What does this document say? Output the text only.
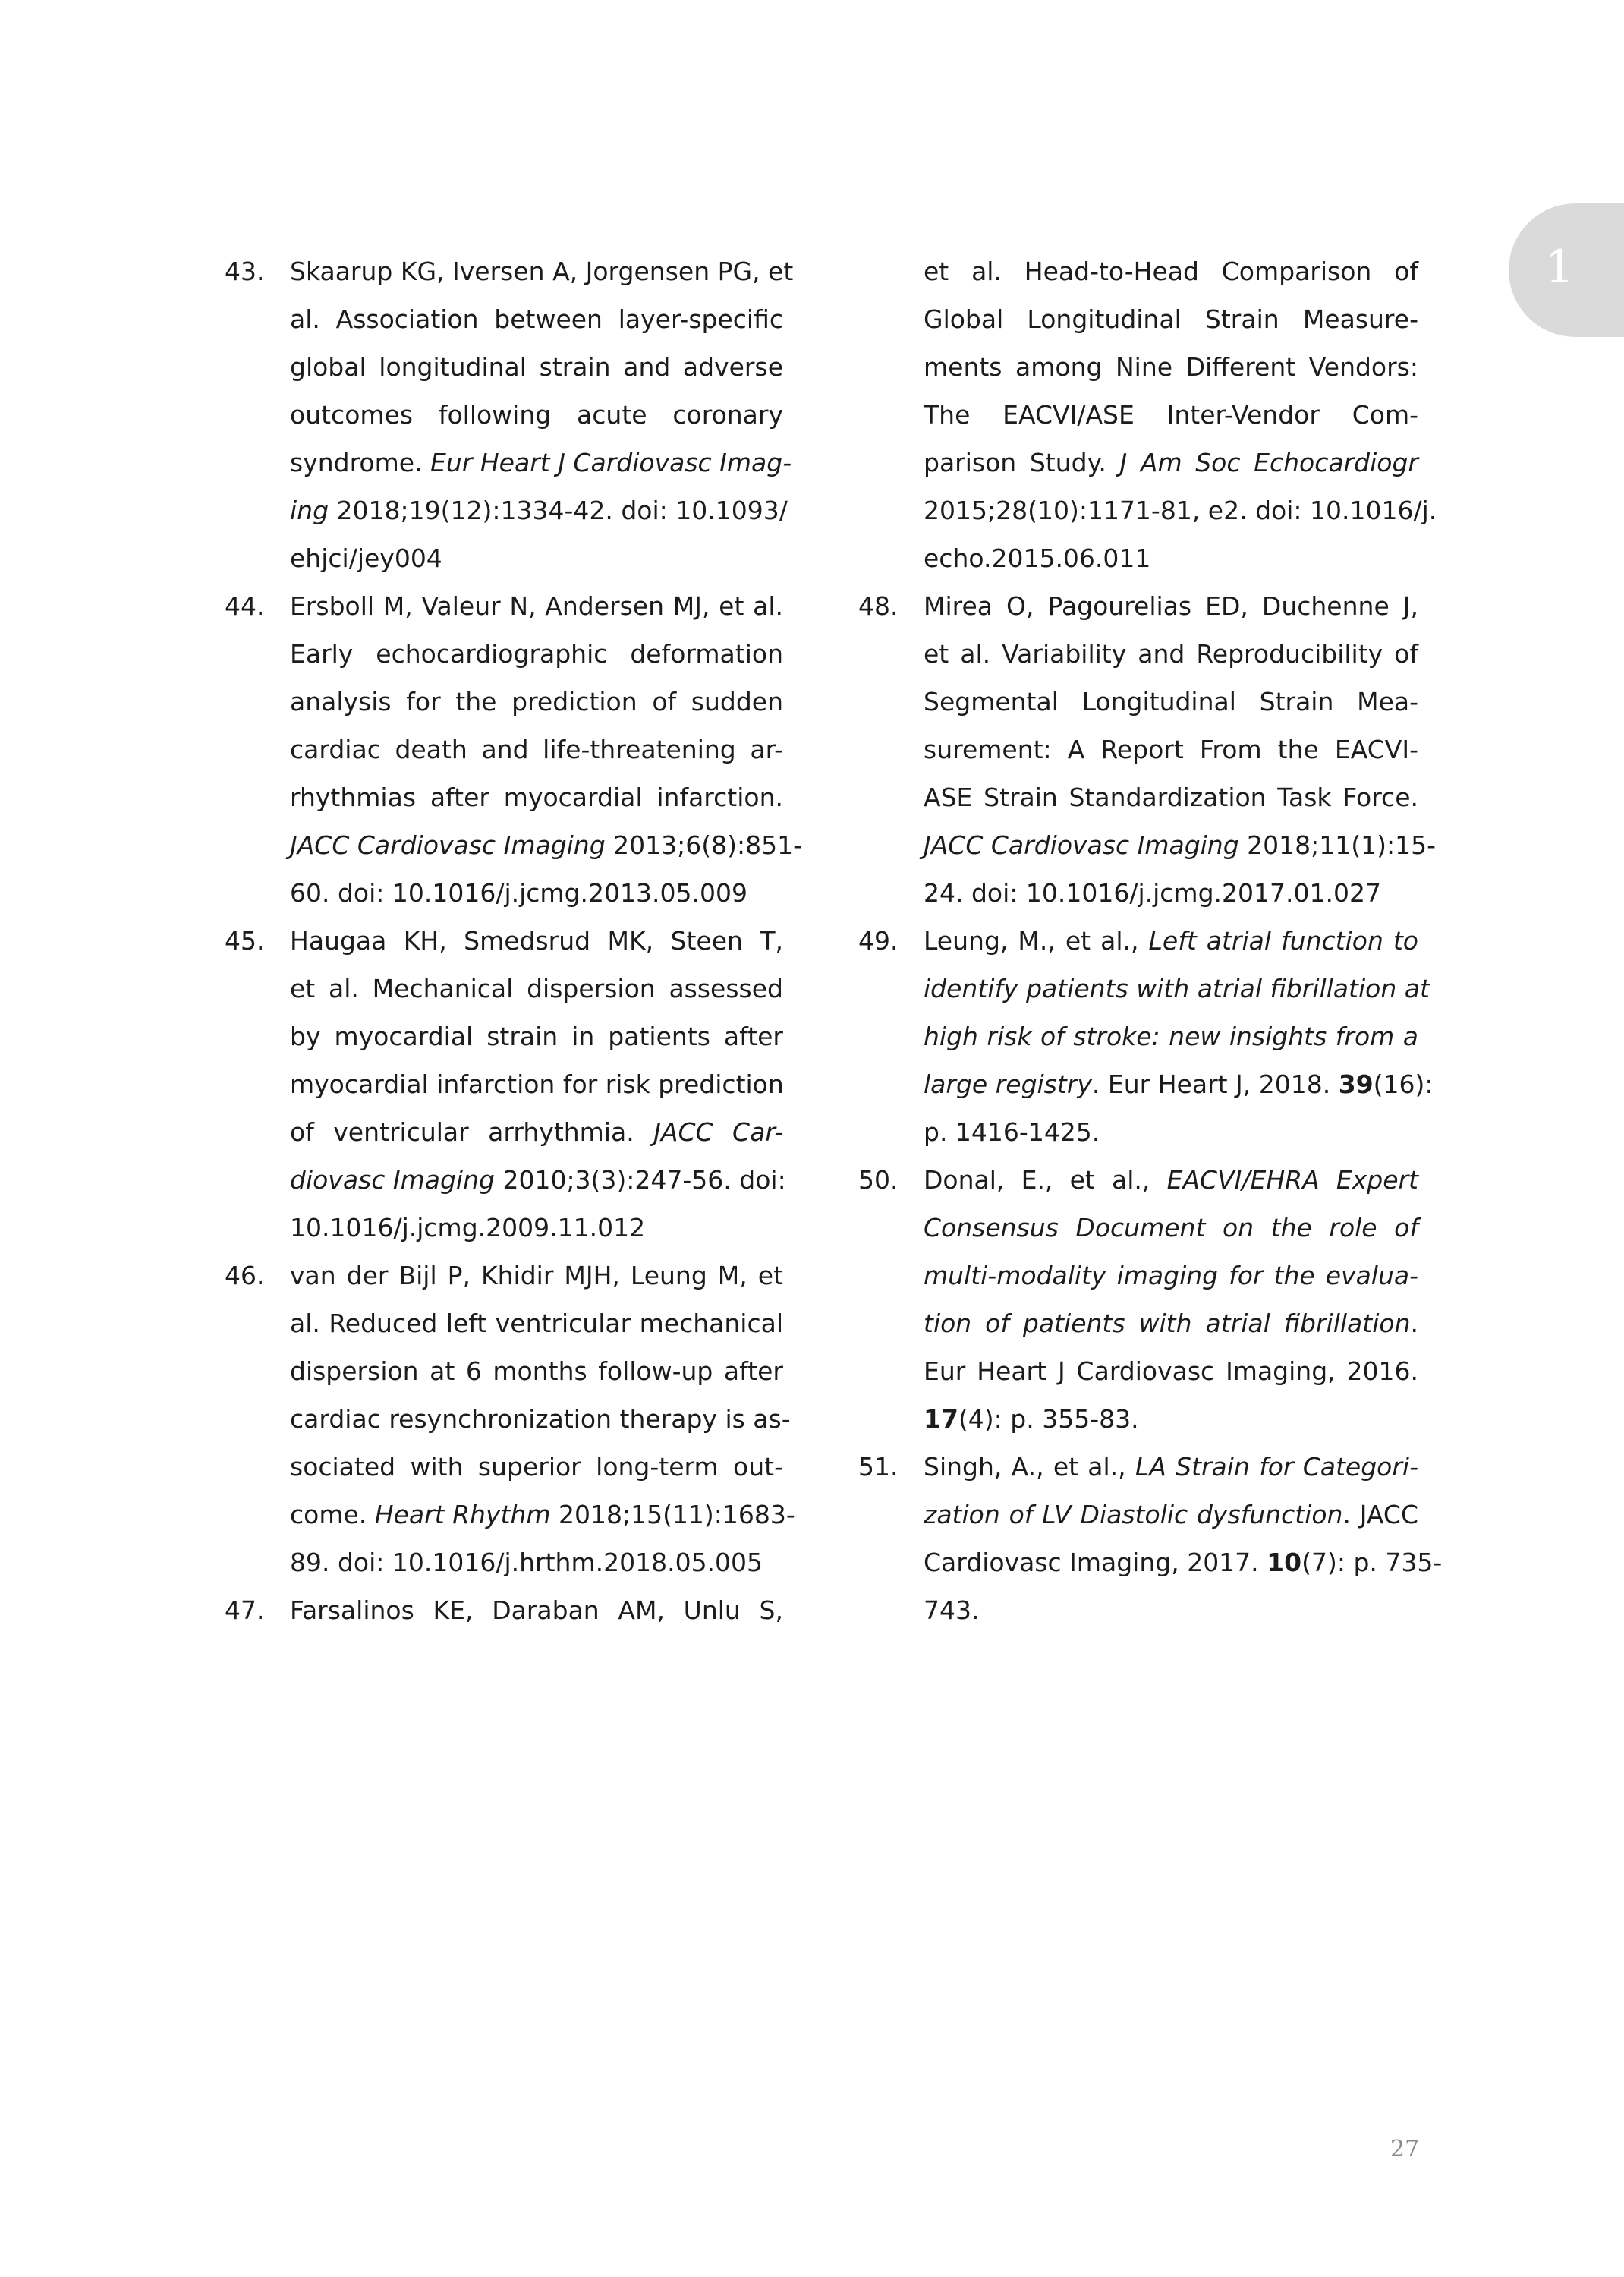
43. Skaarup KG, Iversen A, Jorgensen PG, et
al. Association between layer-specific
global longitudinal strain and adverse
outcomes following acute coronary
syndrome. Eur Heart J Cardiovasc Imag-
ing 2018;19(12):1334-42. doi: 10.1093/
ehjci/jey004
44. Ersboll M, Valeur N, Andersen MJ, et al.
Early echocardiographic deformation
analysis for the prediction of sudden
cardiac death and life-threatening ar-
rhythmias after myocardial infarction.
JACC Cardiovasc Imaging 2013;6(8):851-
60. doi: 10.1016/j.jcmg.2013.05.009
45. Haugaa KH, Smedsrud MK, Steen T,
et al. Mechanical dispersion assessed
by myocardial strain in patients after
myocardial infarction for risk prediction
of ventricular arrhythmia. JACC Car-
diovasc Imaging 2010;3(3):247-56. doi:
10.1016/j.jcmg.2009.11.012
46. van der Bijl P, Khidir MJH, Leung M, et
al. Reduced left ventricular mechanical
dispersion at 6 months follow-up after
cardiac resynchronization therapy is as-
sociated with superior long-term out-
come. Heart Rhythm 2018;15(11):1683-
89. doi: 10.1016/j.hrthm.2018.05.005
47. Farsalinos KE, Daraban AM, Unlu S,
et al. Head-to-Head Comparison of
Global Longitudinal Strain Measure-
ments among Nine Different Vendors:
The EACVI/ASE Inter-Vendor Com-
parison Study. J Am Soc Echocardiogr
2015;28(10):1171-81, e2. doi: 10.1016/j.
echo.2015.06.011
48. Mirea O, Pagourelias ED, Duchenne J,
et al. Variability and Reproducibility of
Segmental Longitudinal Strain Mea-
surement: A Report From the EACVI-
ASE Strain Standardization Task Force.
JACC Cardiovasc Imaging 2018;11(1):15-
24. doi: 10.1016/j.jcmg.2017.01.027
49. Leung, M., et al., Left atrial function to
identify patients with atrial fibrillation at
high risk of stroke: new insights from a
large registry. Eur Heart J, 2018. 39(16):
p. 1416-1425.
50. Donal, E., et al., EACVI/EHRA Expert
Consensus Document on the role of
multi-modality imaging for the evalua-
tion of patients with atrial fibrillation.
Eur Heart J Cardiovasc Imaging, 2016.
17(4): p. 355-83.
51. Singh, A., et al., LA Strain for Categori-
zation of LV Diastolic dysfunction. JACC
Cardiovasc Imaging, 2017. 10(7): p. 735-
743.
1
27
